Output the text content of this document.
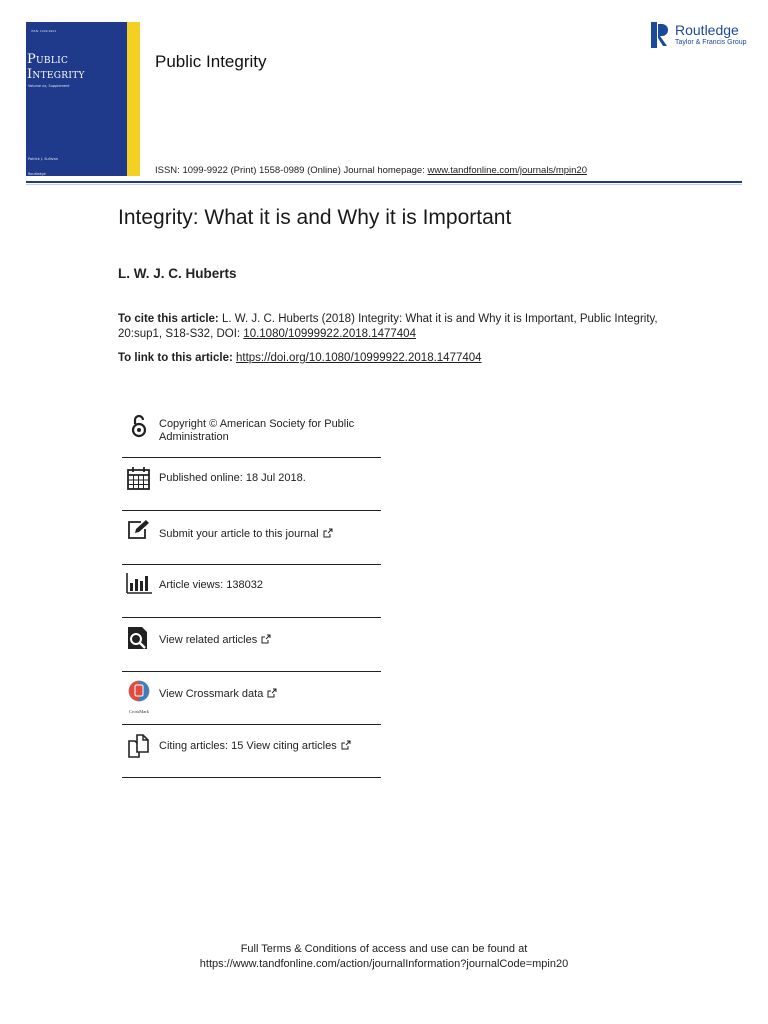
ISSN: 1099-9922
Public
Integrity
Volume xx, Supplement
Patrick J. Sullivan
Routledge
Public Integrity
ISSN: 1099-9922 (Print) 1558-0989 (Online) Journal homepage: www.tandfonline.com/journals/mpin20
Routledge
Taylor & Francis Group
Integrity: What it is and Why it is Important
L. W. J. C. Huberts
To cite this article: L. W. J. C. Huberts (2018) Integrity: What it is and Why it is Important, Public Integrity, 20:sup1, S18-S32, DOI: 10.1080/10999922.2018.1477404
To link to this article: https://doi.org/10.1080/10999922.2018.1477404
Copyright © American Society for Public
Administration
Published online: 18 Jul 2018.
Submit your article to this journal
Article views: 138032
View related articles
CrossMark
View Crossmark data
Citing articles: 15 View citing articles
Full Terms & Conditions of access and use can be found at
https://www.tandfonline.com/action/journalInformation?journalCode=mpin20
